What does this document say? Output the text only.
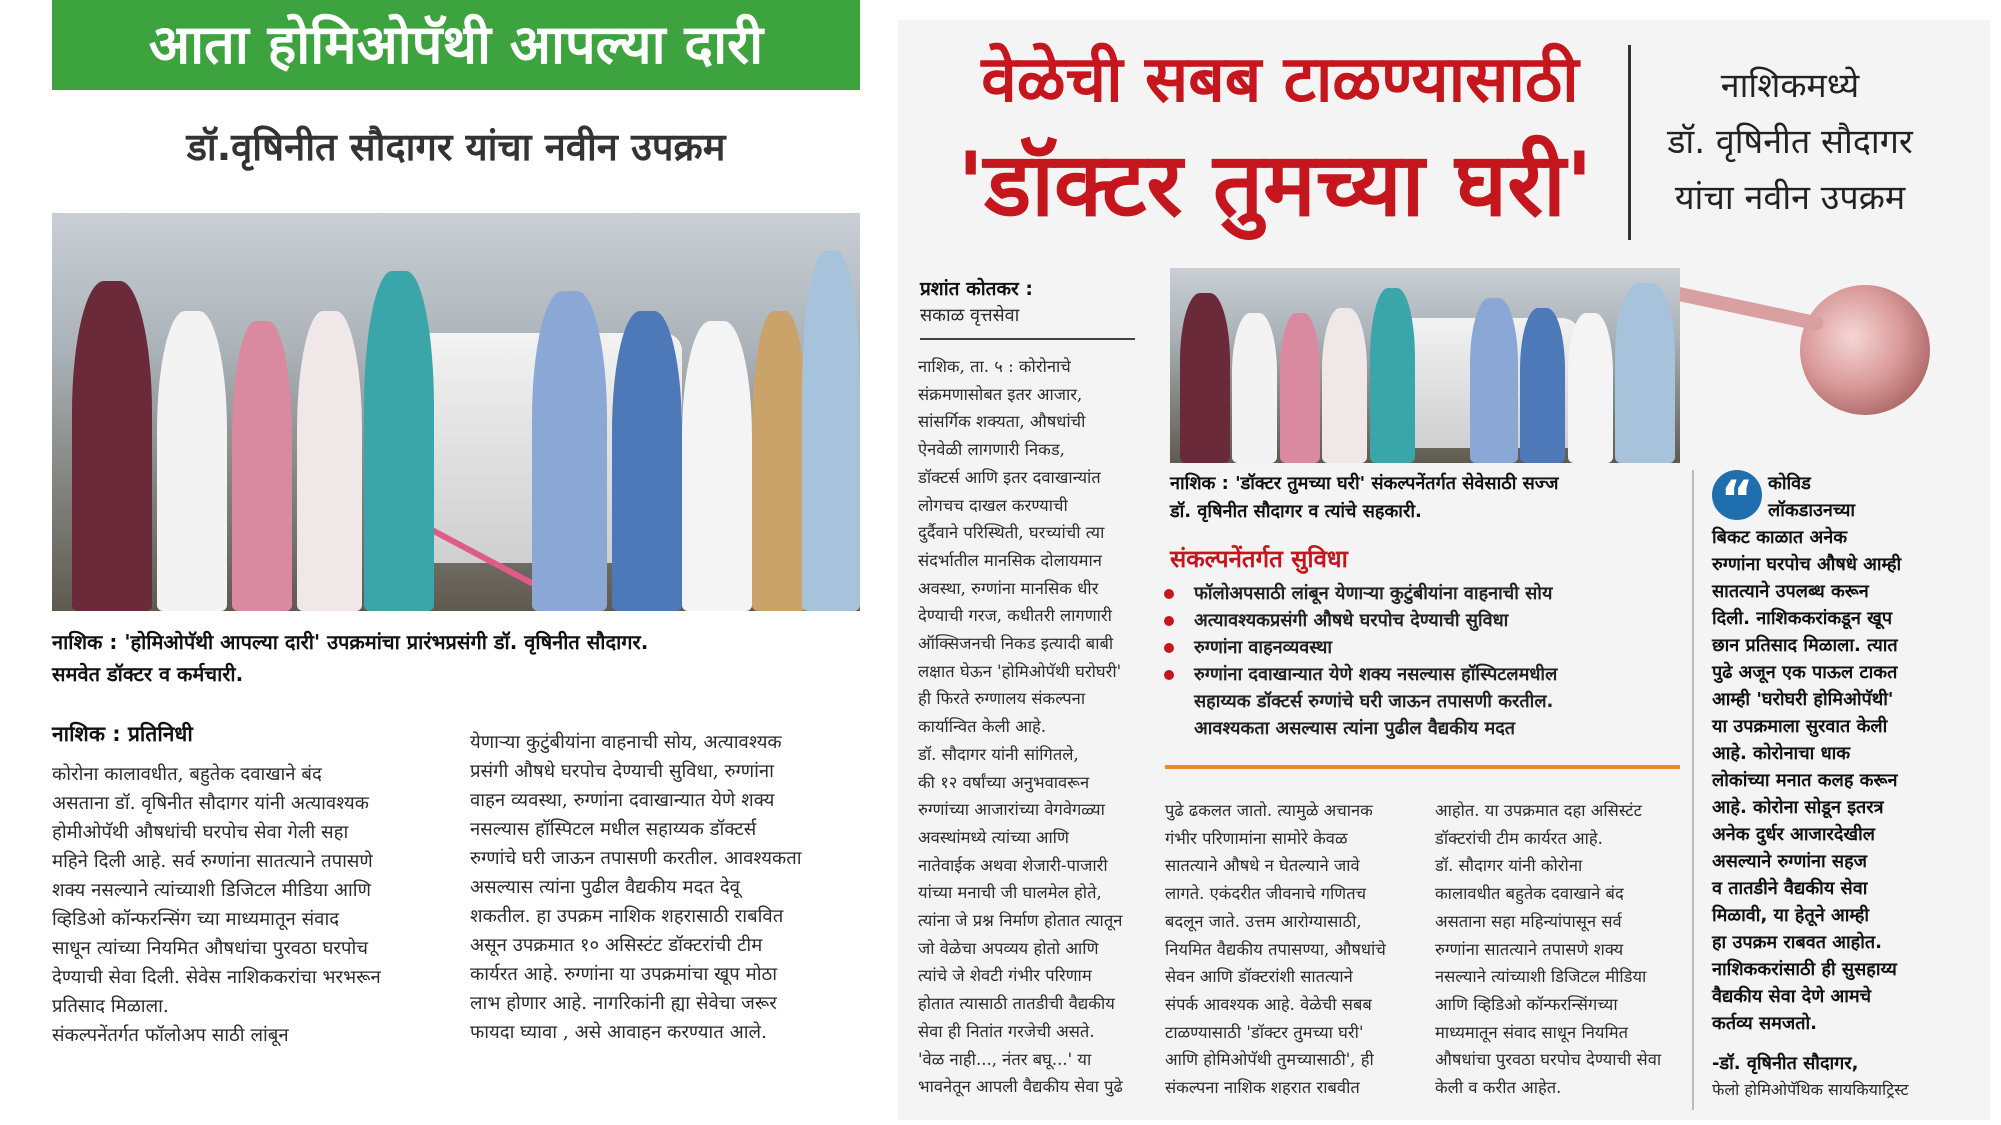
आता होमिओपॅथी आपल्या दारी
डॉ.वृषिनीत सौदागर यांचा नवीन उपक्रम
नाशिक : 'होमिओपॅथी आपल्या दारी' उपक्रमांचा प्रारंभप्रसंगी डॉ. वृषिनीत सौदागर.
समवेत डॉक्टर व कर्मचारी.
नाशिक : प्रतिनिधी
कोरोना कालावधीत, बहुतेक दवाखाने बंद
असताना डॉ. वृषिनीत सौदागर यांनी अत्यावश्यक
होमीओपॅथी औषधांची घरपोच सेवा गेली सहा
महिने दिली आहे. सर्व रुग्णांना सातत्याने तपासणे
शक्य नसल्याने त्यांच्याशी डिजिटल मीडिया आणि
व्हिडिओ कॉन्फरन्सिंग च्या माध्यमातून संवाद
साधून त्यांच्या नियमित औषधांचा पुरवठा घरपोच
देण्याची सेवा दिली. सेवेस नाशिककरांचा भरभरून
प्रतिसाद मिळाला.
संकल्पनेंतर्गत फॉलोअप साठी लांबून
येणाऱ्या कुटुंबीयांना वाहनाची सोय, अत्यावश्यक
प्रसंगी औषधे घरपोच देण्याची सुविधा, रुग्णांना
वाहन व्यवस्था, रुग्णांना दवाखान्यात येणे शक्य
नसल्यास हॉस्पिटल मधील सहाय्यक डॉक्टर्स
रुग्णांचे घरी जाऊन तपासणी करतील. आवश्यकता
असल्यास त्यांना पुढील वैद्यकीय मदत देवू
शकतील. हा उपक्रम नाशिक शहरासाठी राबवित
असून उपक्रमात १० असिस्टंट डॉक्टरांची टीम
कार्यरत आहे. रुग्णांना या उपक्रमांचा खूप मोठा
लाभ होणार आहे. नागरिकांनी ह्या सेवेचा जरूर
फायदा घ्यावा , असे आवाहन करण्यात आले.
वेळेची सबब टाळण्यासाठी
'डॉक्टर तुमच्या घरी'
नाशिकमध्ये
डॉ. वृषिनीत सौदागर
यांचा नवीन उपक्रम
प्रशांत कोतकर :
सकाळ वृत्तसेवा
नाशिक : 'डॉक्टर तुमच्या घरी' संकल्पनेंतर्गत सेवेसाठी सज्ज
डॉ. वृषिनीत सौदागर व त्यांचे सहकारी.
संकल्पनेंतर्गत सुविधा
फॉलोअपसाठी लांबून येणाऱ्या कुटुंबीयांना वाहनाची सोय
अत्यावश्यकप्रसंगी औषधे घरपोच देण्याची सुविधा
रुग्णांना वाहनव्यवस्था
रुग्णांना दवाखान्यात येणे शक्य नसल्यास हॉस्पिटलमधील
सहाय्यक डॉक्टर्स रुग्णांचे घरी जाऊन तपासणी करतील.
आवश्यकता असल्यास त्यांना पुढील वैद्यकीय मदत
नाशिक, ता. ५ : कोरोनाचे
संक्रमणासोबत इतर आजार,
सांसर्गिक शक्यता, औषधांची
ऐनवेळी लागणारी निकड,
डॉक्टर्स आणि इतर दवाखान्यांत
लोगचच दाखल करण्याची
दुर्दैवाने परिस्थिती, घरच्यांची त्या
संदर्भातील मानसिक दोलायमान
अवस्था, रुग्णांना मानसिक धीर
देण्याची गरज, कधीतरी लागणारी
ऑक्सिजनची निकड इत्यादी बाबी
लक्षात घेऊन 'होमिओपॅथी घरोघरी'
ही फिरते रुग्णालय संकल्पना
कार्यान्वित केली आहे.
डॉ. सौदागर यांनी सांगितले,
की १२ वर्षांच्या अनुभवावरून
रुग्णांच्या आजारांच्या वेगवेगळ्या
अवस्थांमध्ये त्यांच्या आणि
नातेवाईक अथवा शेजारी-पाजारी
यांच्या मनाची जी घालमेल होते,
त्यांना जे प्रश्न निर्माण होतात त्यातून
जो वेळेचा अपव्यय होतो आणि
त्यांचे जे शेवटी गंभीर परिणाम
होतात त्यासाठी तातडीची वैद्यकीय
सेवा ही नितांत गरजेची असते.
'वेळ नाही..., नंतर बघू...' या
भावनेतून आपली वैद्यकीय सेवा पुढे
पुढे ढकलत जातो. त्यामुळे अचानक
गंभीर परिणामांना सामोरे केवळ
सातत्याने औषधे न घेतल्याने जावे
लागते. एकंदरीत जीवनाचे गणितच
बदलून जाते. उत्तम आरोग्यासाठी,
नियमित वैद्यकीय तपासण्या, औषधांचे
सेवन आणि डॉक्टरांशी सातत्याने
संपर्क आवश्यक आहे. वेळेची सबब
टाळण्यासाठी 'डॉक्टर तुमच्या घरी'
आणि होमिओपॅथी तुमच्यासाठी', ही
संकल्पना नाशिक शहरात राबवीत
आहोत. या उपक्रमात दहा असिस्टंट
डॉक्टरांची टीम कार्यरत आहे.
डॉ. सौदागर यांनी कोरोना
कालावधीत बहुतेक दवाखाने बंद
असताना सहा महिन्यांपासून सर्व
रुग्णांना सातत्याने तपासणे शक्य
नसल्याने त्यांच्याशी डिजिटल मीडिया
आणि व्हिडिओ कॉन्फरन्सिंगच्या
माध्यमातून संवाद साधून नियमित
औषधांचा पुरवठा घरपोच देण्याची सेवा
केली व करीत आहेत.
“ कोविड
लॉकडाउनच्या
बिकट काळात अनेक
रुग्णांना घरपोच औषधे आम्ही
सातत्याने उपलब्ध करून
दिली. नाशिककरांकडून खूप
छान प्रतिसाद मिळाला. त्यात
पुढे अजून एक पाऊल टाकत
आम्ही 'घरोघरी होमिओपॅथी'
या उपक्रमाला सुरवात केली
आहे. कोरोनाचा धाक
लोकांच्या मनात कलह करून
आहे. कोरोना सोडून इतरत्र
अनेक दुर्धर आजारदेखील
असल्याने रुग्णांना सहज
व तातडीने वैद्यकीय सेवा
मिळावी, या हेतूने आम्ही
हा उपक्रम राबवत आहोत.
नाशिककरांसाठी ही सुसहाय्य
वैद्यकीय सेवा देणे आमचे
कर्तव्य समजतो.
-डॉ. वृषिनीत सौदागर,
फेलो होमिओपॅथिक सायकियाट्रिस्ट
